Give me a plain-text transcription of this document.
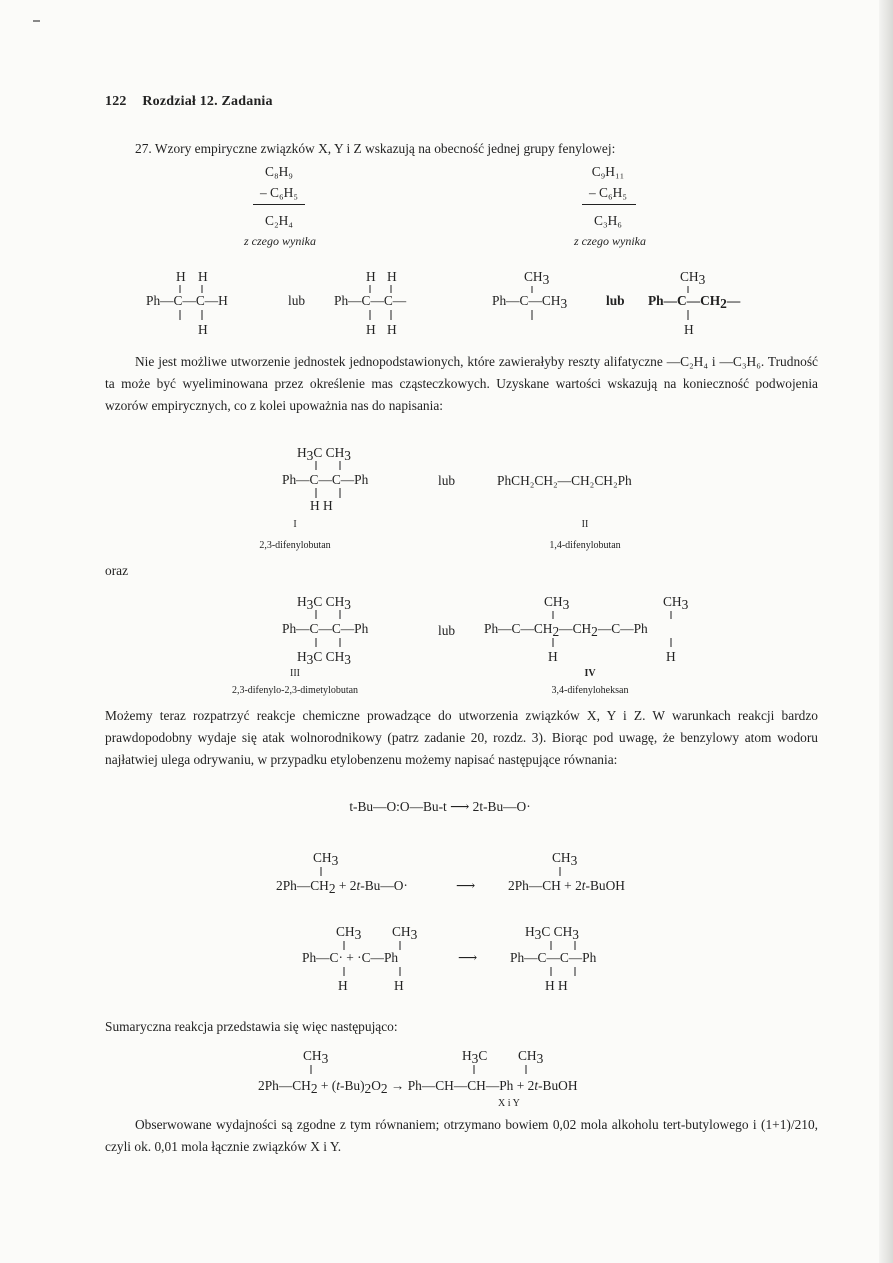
122 Rozdział 12. Zadania
27. Wzory empiryczne związków X, Y i Z wskazują na obecność jednej grupy fenylowej:
C₈H₉
– C₆H₅
C₂H₄
z czego wynika
C₉H₁₁
– C₆H₅
C₃H₆
z czego wynika
lub	lub
lub
lub
Nie jest możliwe utworzenie jednostek jednopodstawionych, które zawierałyby reszty alifatyczne —C₂H₄ i —C₃H₆. Trudność ta może być wyeliminowana przez określenie mas cząsteczkowych. Uzyskane wartości wskazują na konieczność podwojenia wzorów empirycznych, co z kolei upoważnia nas do napisania:
PhCH₂CH₂—CH₂CH₂Ph
I
2,3-difenylobutan
II
1,4-difenylobutan
oraz
III
2,3-difenylo-2,3-dimetylobutan
IV
3,4-difenyloheksan
Możemy teraz rozpatrzyć reakcje chemiczne prowadzące do utworzenia związków X, Y i Z. W warunkach reakcji bardzo prawdopodobny wydaje się atak wolnorodnikowy (patrz zadanie 20, rozdz. 3). Biorąc pod uwagę, że benzylowy atom wodoru najłatwiej ulega odrywaniu, w przypadku etylobenzenu możemy napisać następujące równania:
t-Bu—O:O—Bu-t ⟶ 2t-Bu—O·
Sumaryczna reakcja przedstawia się więc następująco:
X i Y
Obserwowane wydajności są zgodne z tym równaniem; otrzymano bowiem 0,02 mola alkoholu tert-butylowego i (1+1)/210, czyli ok. 0,01 mola łącznie związków X i Y.
H H
Ph—C—C—H
H
H H
Ph—C—C—
H H
CH3
Ph—C—CH3
CH3
Ph—C—CH2—
H
H3C CH3
Ph—C—C—Ph
H H
H3C CH3
Ph—C—C—Ph
H3C CH3
CH3	CH3
Ph—C—CH2—CH2—C—Ph
H	H
CH3
2Ph—CH2 + 2t-Bu—O·	⟶
CH3
2Ph—CH + 2t-BuOH
CH3 CH3
Ph—C· + ·C—Ph
H	H
⟶
H3C CH3
Ph—C—C—Ph
H H
CH3
2Ph—CH2 + (t-Bu)2O2 → Ph—CH—CH—Ph + 2t-BuOH
H3C CH3
